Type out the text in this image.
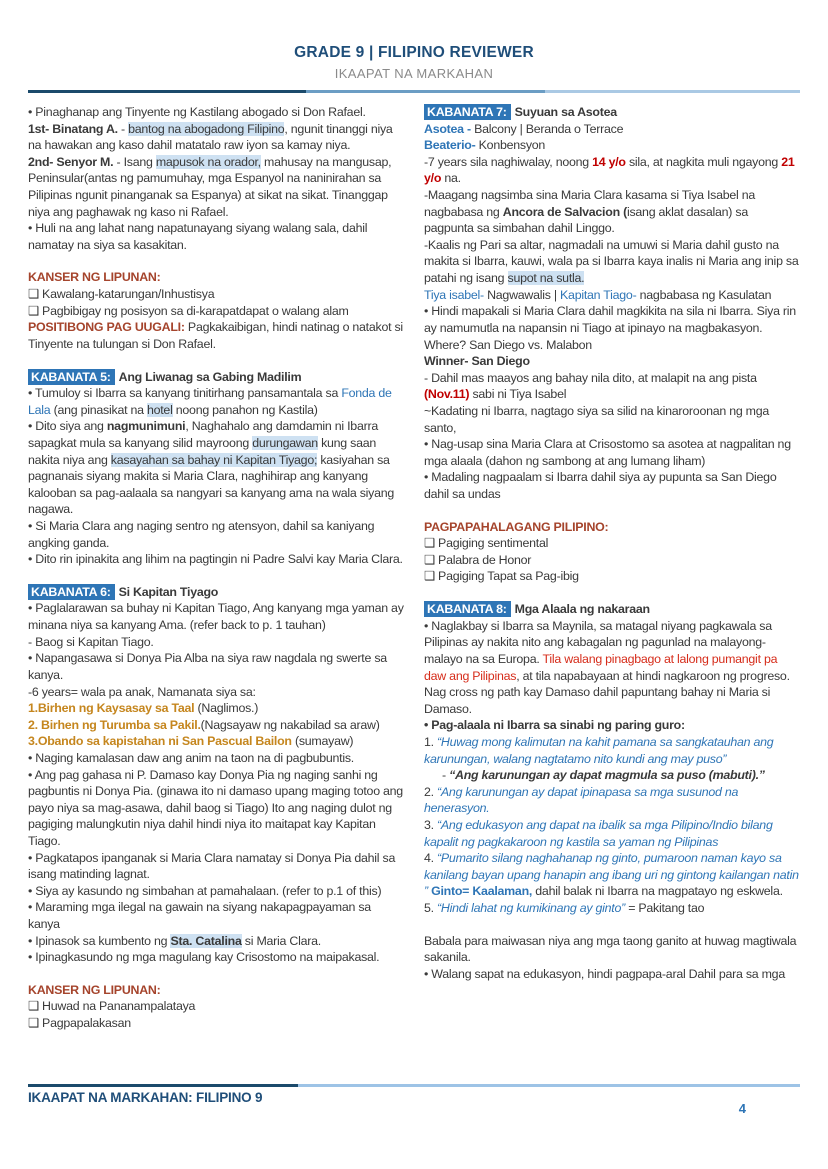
GRADE 9 | FILIPINO REVIEWER
IKAAPAT NA MARKAHAN

• Pinaghanap ang Tinyente ng Kastilang abogado si Don Rafael.

1st- Binatang A. - bantog na abogadong Filipino, ngunit tinanggi niya na hawakan ang kaso dahil matatalo raw iyon sa kamay niya.

2nd- Senyor M. - Isang mapusok na orador, mahusay na mangusap, Peninsular(antas ng pamumuhay, mga Espanyol na naninirahan sa Pilipinas ngunit pinanganak sa Espanya) at sikat na sikat. Tinanggap niya ang paghawak ng kaso ni Rafael.

• Huli na ang lahat nang napatunayang siyang walang sala, dahil namatay na siya sa kasakitan.

KANSER NG LIPUNAN:

❑ Kawalang-katarungan/Inhustisya

❑ Pagbibigay ng posisyon sa di-karapatdapat o walang alam

POSITIBONG PAG UUGALI: Pagkakaibigan, hindi natinag o natakot si Tinyente na tulungan si Don Rafael.

KABANATA 5: Ang Liwanag sa Gabing Madilim

• Tumuloy si Ibarra sa kanyang tinitirhang pansamantala sa Fonda de Lala (ang pinasikat na hotel noong panahon ng Kastila)

• Dito siya ang nagmunimuni, Naghahalo ang damdamin ni Ibarra sapagkat mula sa kanyang silid mayroong durungawan kung saan nakita niya ang kasayahan sa bahay ni Kapitan Tiyago; kasiyahan sa pagnanais siyang makita si Maria Clara, naghihirap ang kanyang kalooban sa pag-aalaala sa nangyari sa kanyang ama na wala siyang nagawa.

• Si Maria Clara ang naging sentro ng atensyon, dahil sa kaniyang angking ganda.

• Dito rin ipinakita ang lihim na pagtingin ni Padre Salvi kay Maria Clara.

KABANATA 6: Si Kapitan Tiyago

• Paglalarawan sa buhay ni Kapitan Tiago, Ang kanyang mga yaman ay minana niya sa kanyang Ama. (refer back to p. 1 tauhan)

- Baog si Kapitan Tiago.

• Napangasawa si Donya Pia Alba na siya raw nagdala ng swerte sa kanya.

-6 years= wala pa anak, Namanata siya sa:

1.Birhen ng Kaysasay sa Taal (Naglimos.)

2. Birhen ng Turumba sa Pakil.(Nagsayaw ng nakabilad sa araw)

3.Obando sa kapistahan ni San Pascual Bailon (sumayaw)

• Naging kamalasan daw ang anim na taon na di pagbubuntis.

• Ang pag gahasa ni P. Damaso kay Donya Pia ng naging sanhi ng pagbuntis ni Donya Pia. (ginawa ito ni damaso upang maging totoo ang payo niya sa mag-asawa, dahil baog si Tiago) Ito ang naging dulot ng pagiging malungkutin niya dahil hindi niya ito maitapat kay Kapitan Tiago.

• Pagkatapos ipanganak si Maria Clara namatay si Donya Pia dahil sa isang matinding lagnat.

• Siya ay kasundo ng simbahan at pamahalaan. (refer to p.1 of this)

• Maraming mga ilegal na gawain na siyang nakapagpayaman sa kanya

• Ipinasok sa kumbento ng Sta. Catalina si Maria Clara.

• Ipinagkasundo ng mga magulang kay Crisostomo na maipakasal.

KANSER NG LIPUNAN:

❑ Huwad na Pananampalataya

❑ Pagpapalakasan

KABANATA 7: Suyuan sa Asotea

Asotea - Balcony | Beranda o Terrace

Beaterio- Konbensyon

-7 years sila naghiwalay, noong 14 y/o sila, at nagkita muli ngayong 21 y/o na.

-Maagang nagsimba sina Maria Clara kasama si Tiya Isabel na nagbabasa ng Ancora de Salvacion (isang aklat dasalan) sa pagpunta sa simbahan dahil Linggo.

-Kaalis ng Pari sa altar, nagmadali na umuwi si Maria dahil gusto na makita si Ibarra, kauwi, wala pa si Ibarra kaya inalis ni Maria ang inip sa patahi ng isang supot na sutla.

Tiya isabel- Nagwawalis | Kapitan Tiago- nagbabasa ng Kasulatan

• Hindi mapakali si Maria Clara dahil magkikita na sila ni Ibarra. Siya rin ay namumutla na napansin ni Tiago at ipinayo na magbakasyon.

Where? San Diego vs. Malabon

Winner- San Diego

- Dahil mas maayos ang bahay nila dito, at malapit na ang pista (Nov.11) sabi ni Tiya Isabel

~Kadating ni Ibarra, nagtago siya sa silid na kinaroroonan ng mga santo,

• Nag-usap sina Maria Clara at Crisostomo sa asotea at nagpalitan ng mga alaala (dahon ng sambong at ang lumang liham)

• Madaling nagpaalam si Ibarra dahil siya ay pupunta sa San Diego dahil sa undas

PAGPAPAHALAGANG PILIPINO:

❑ Pagiging sentimental

❑ Palabra de Honor

❑ Pagiging Tapat sa Pag-ibig

KABANATA 8: Mga Alaala ng nakaraan

• Naglakbay si Ibarra sa Maynila, sa matagal niyang pagkawala sa Pilipinas ay nakita nito ang kabagalan ng pagunlad na malayong-malayo na sa Europa. Tila walang pinagbago at lalong pumangit pa daw ang Pilipinas, at tila napabayaan at hindi nagkaroon ng progreso. Nag cross ng path kay Damaso dahil papuntang bahay ni Maria si Damaso.

• Pag-alaala ni Ibarra sa sinabi ng paring guro:

1. “Huwag mong kalimutan na kahit pamana sa sangkatauhan ang karunungan, walang nagtatamo nito kundi ang may puso”

- “Ang karunungan ay dapat magmula sa puso (mabuti).”

2. “Ang karunungan ay dapat ipinapasa sa mga susunod na henerasyon.

3. “Ang edukasyon ang dapat na ibalik sa mga Pilipino/Indio bilang kapalit ng pagkakaroon ng kastila sa yaman ng Pilipinas

4. “Pumarito silang naghahanap ng ginto, pumaroon naman kayo sa kanilang bayan upang hanapin ang ibang uri ng gintong kailangan natin ” Ginto= Kaalaman, dahil balak ni Ibarra na magpatayo ng eskwela.

5. “Hindi lahat ng kumikinang ay ginto” = Pakitang tao

Babala para maiwasan niya ang mga taong ganito at huwag magtiwala sakanila.

• Walang sapat na edukasyon, hindi pagpapa-aral Dahil para sa mga

IKAAPAT NA MARKAHAN: FILIPINO 9
4
